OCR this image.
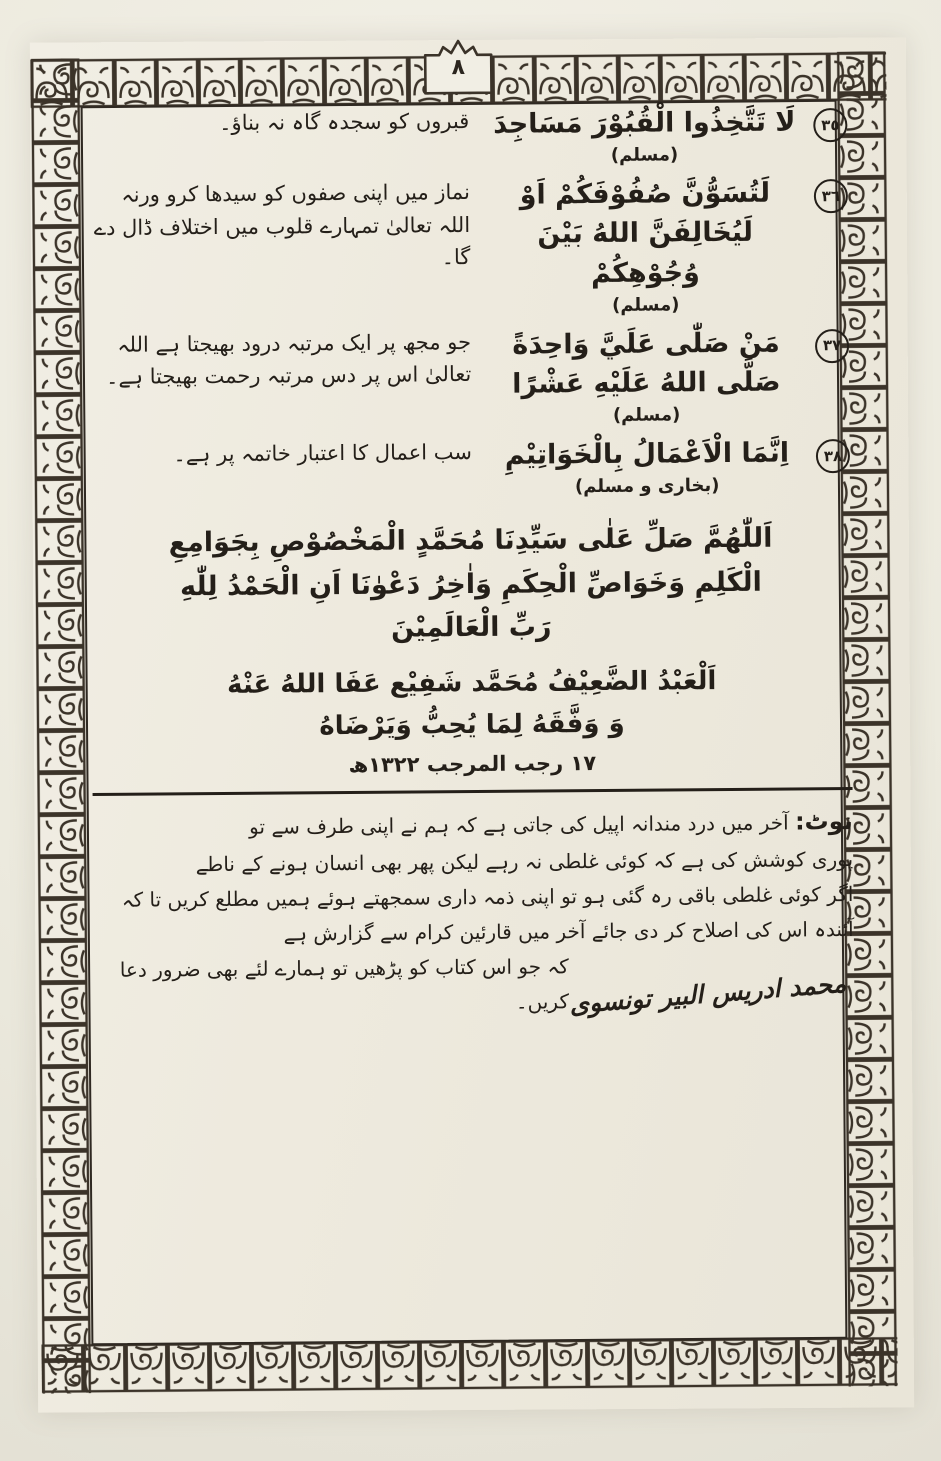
٨
٣٥
لَا تَتَّخِذُوا الْقُبُوْرَ مَسَاجِدَ
(مسلم)
قبروں کو سجدہ گاہ نہ بناؤ۔
٣٦
لَتُسَوُّنَّ صُفُوْفَكُمْ اَوْ لَيُخَالِفَنَّ اللهُ بَيْنَ وُجُوْهِكُمْ
(مسلم)
نماز میں اپنی صفوں کو سیدھا کرو ورنہ اللہ تعالیٰ تمہارے قلوب میں اختلاف ڈال دے گا۔
٣٧
مَنْ صَلّٰى عَلَيَّ وَاحِدَةً صَلَّى اللهُ عَلَيْهِ عَشْرًا
(مسلم)
جو مجھ پر ایک مرتبہ درود بھیجتا ہے اللہ تعالیٰ اس پر دس مرتبہ رحمت بھیجتا ہے۔
٣٨
اِنَّمَا الْاَعْمَالُ بِالْخَوَاتِيْمِ
(بخاری و مسلم)
سب اعمال کا اعتبار خاتمہ پر ہے۔
اَللّٰهُمَّ صَلِّ عَلٰى سَيِّدِنَا مُحَمَّدٍ الْمَخْصُوْصِ بِجَوَامِعِ
الْكَلِمِ وَخَوَاصِّ الْحِكَمِ وَاٰخِرُ دَعْوٰنَا اَنِ الْحَمْدُ لِلّٰهِ
رَبِّ الْعَالَمِيْنَ
اَلْعَبْدُ الضَّعِيْفُ مُحَمَّد شَفِيْع عَفَا اللهُ عَنْهُ
وَ وَفَّقَهُ لِمَا يُحِبُّ وَيَرْضَاهُ
١٧ رجب المرجب ١٣٢٢ھ
نوٹ: آخر میں درد مندانہ اپیل کی جاتی ہے کہ ہم نے اپنی طرف سے تو
پوری کوشش کی ہے کہ کوئی غلطی نہ رہے لیکن پھر بھی انسان ہونے کے ناطے
اگر کوئی غلطی باقی رہ گئی ہو تو اپنی ذمہ داری سمجھتے ہوئے ہمیں مطلع کریں تا کہ
آئندہ اس کی اصلاح کر دی جائے آخر میں قارئین کرام سے گزارش ہے
محمد ادریس البیر تونسوی
کہ جو اس کتاب کو پڑھیں تو ہمارے لئے بھی ضرور دعا کریں۔
